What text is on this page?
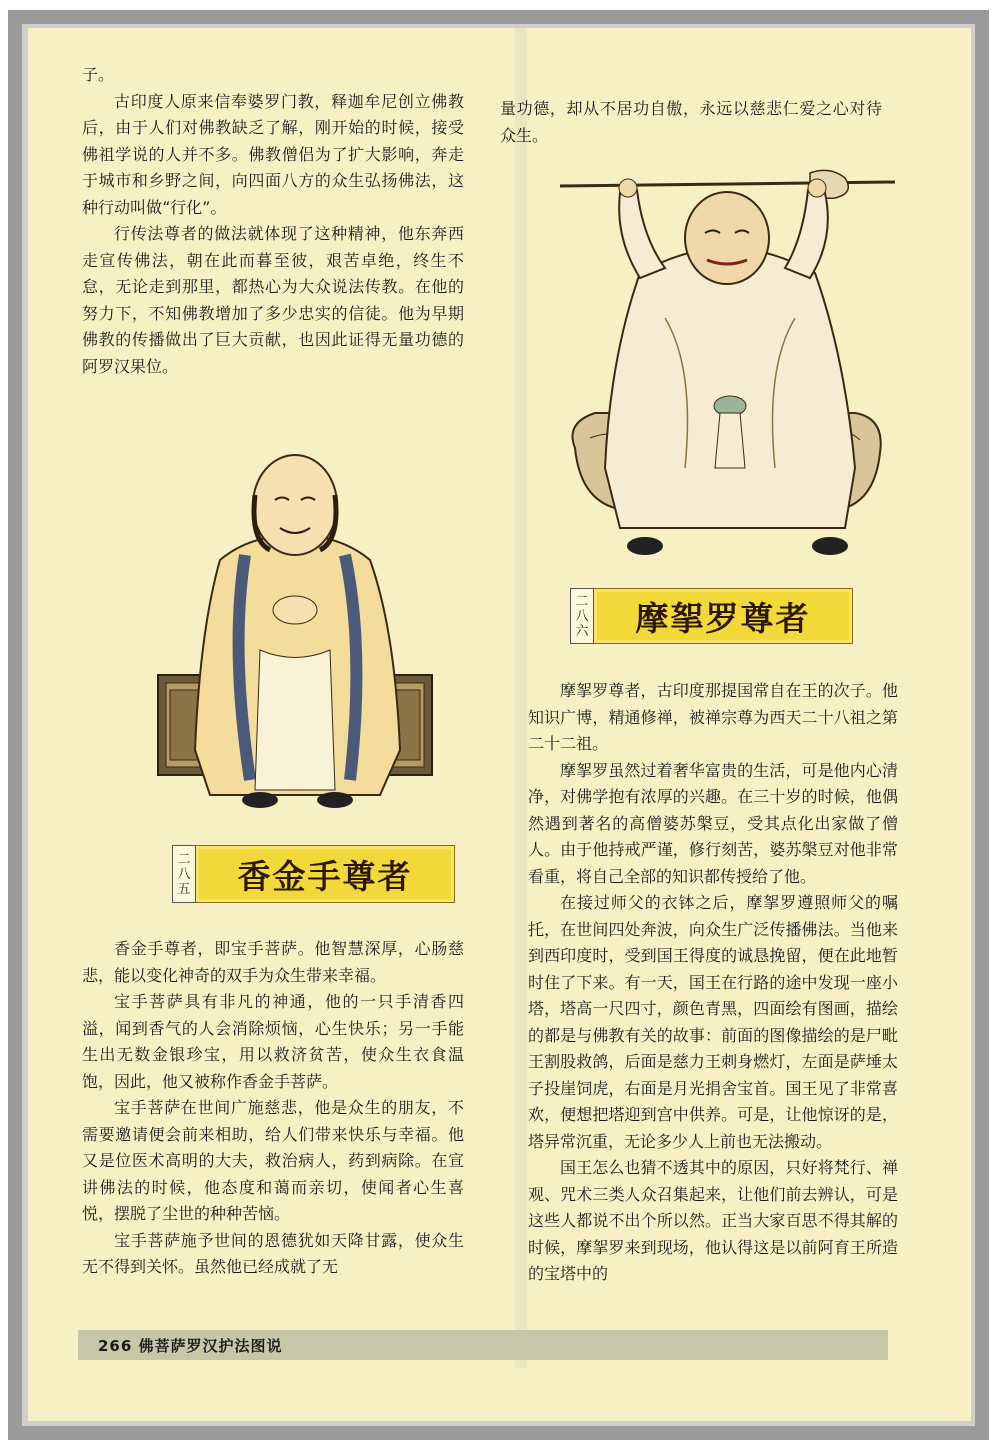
子。

古印度人原来信奉婆罗门教，释迦牟尼创立佛教后，由于人们对佛教缺乏了解，刚开始的时候，接受佛祖学说的人并不多。佛教僧侣为了扩大影响，奔走于城市和乡野之间，向四面八方的众生弘扬佛法，这种行动叫做“行化”。

行传法尊者的做法就体现了这种精神，他东奔西走宣传佛法，朝在此而暮至彼，艰苦卓绝，终生不怠，无论走到那里，都热心为大众说法传教。在他的努力下，不知佛教增加了多少忠实的信徒。他为早期佛教的传播做出了巨大贡献，也因此证得无量功德的阿罗汉果位。

二
八
五 香金手尊者

香金手尊者，即宝手菩萨。他智慧深厚，心肠慈悲，能以变化神奇的双手为众生带来幸福。

宝手菩萨具有非凡的神通，他的一只手清香四溢，闻到香气的人会消除烦恼，心生快乐；另一手能生出无数金银珍宝，用以救济贫苦，使众生衣食温饱，因此，他又被称作香金手菩萨。

宝手菩萨在世间广施慈悲，他是众生的朋友，不需要邀请便会前来相助，给人们带来快乐与幸福。他又是位医术高明的大夫，救治病人，药到病除。在宣讲佛法的时候，他态度和蔼而亲切，使闻者心生喜悦，摆脱了尘世的种种苦恼。

宝手菩萨施予世间的恩德犹如天降甘露，使众生无不得到关怀。虽然他已经成就了无

量功德，却从不居功自傲，永远以慈悲仁爱之心对待众生。

二
八
六 摩挐罗尊者

摩挐罗尊者，古印度那提国常自在王的次子。他知识广博，精通修禅，被禅宗尊为西天二十八祖之第二十二祖。

摩挐罗虽然过着奢华富贵的生活，可是他内心清净，对佛学抱有浓厚的兴趣。在三十岁的时候，他偶然遇到著名的高僧婆苏槃豆，受其点化出家做了僧人。由于他持戒严谨，修行刻苦，婆苏槃豆对他非常看重，将自己全部的知识都传授给了他。

在接过师父的衣钵之后，摩挐罗遵照师父的嘱托，在世间四处奔波，向众生广泛传播佛法。当他来到西印度时，受到国王得度的诚恳挽留，便在此地暂时住了下来。有一天，国王在行路的途中发现一座小塔，塔高一尺四寸，颜色青黑，四面绘有图画，描绘的都是与佛教有关的故事：前面的图像描绘的是尸毗王割股救鸽，后面是慈力王刺身燃灯，左面是萨埵太子投崖饲虎，右面是月光捐舍宝首。国王见了非常喜欢，便想把塔迎到宫中供养。可是，让他惊讶的是，塔异常沉重，无论多少人上前也无法搬动。

国王怎么也猜不透其中的原因，只好将梵行、禅观、咒术三类人众召集起来，让他们前去辨认，可是这些人都说不出个所以然。正当大家百思不得其解的时候，摩挐罗来到现场，他认得这是以前阿育王所造的宝塔中的

266 佛菩萨罗汉护法图说
